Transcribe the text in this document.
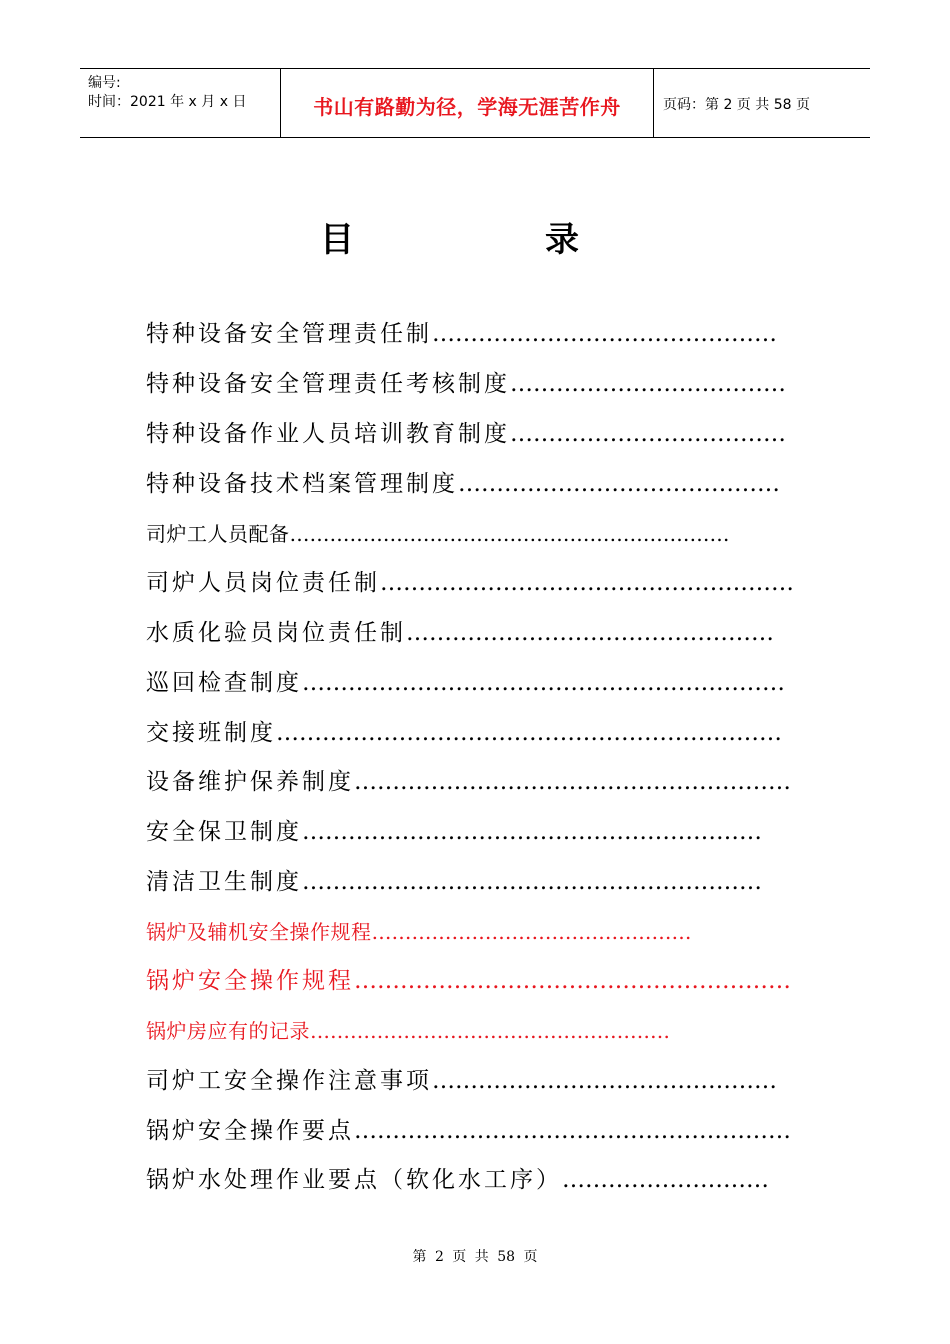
编号:
时间：2021 年 x 月 x 日	书山有路勤为径，学海无涯苦作舟	页码：第 2 页 共 58 页
目	录
特种设备安全管理责任制………………………………………
特种设备安全管理责任考核制度………………………………
特种设备作业人员培训教育制度………………………………
特种设备技术档案管理制度……………………………………
司炉工人员配备…………………………………………………………
司炉人员岗位责任制………………………………………………
水质化验员岗位责任制…………………………………………
巡回检查制度………………………………………………………
交接班制度…………………………………………………………
设备维护保养制度…………………………………………………
安全保卫制度……………………………………………………
清洁卫生制度……………………………………………………
锅炉及辅机安全操作规程…………………………………………
锅炉安全操作规程…………………………………………………
锅炉房应有的记录………………………………………………
司炉工安全操作注意事项………………………………………
锅炉安全操作要点…………………………………………………
锅炉水处理作业要点（软化水工序）………………………
第 2 页 共 58 页
